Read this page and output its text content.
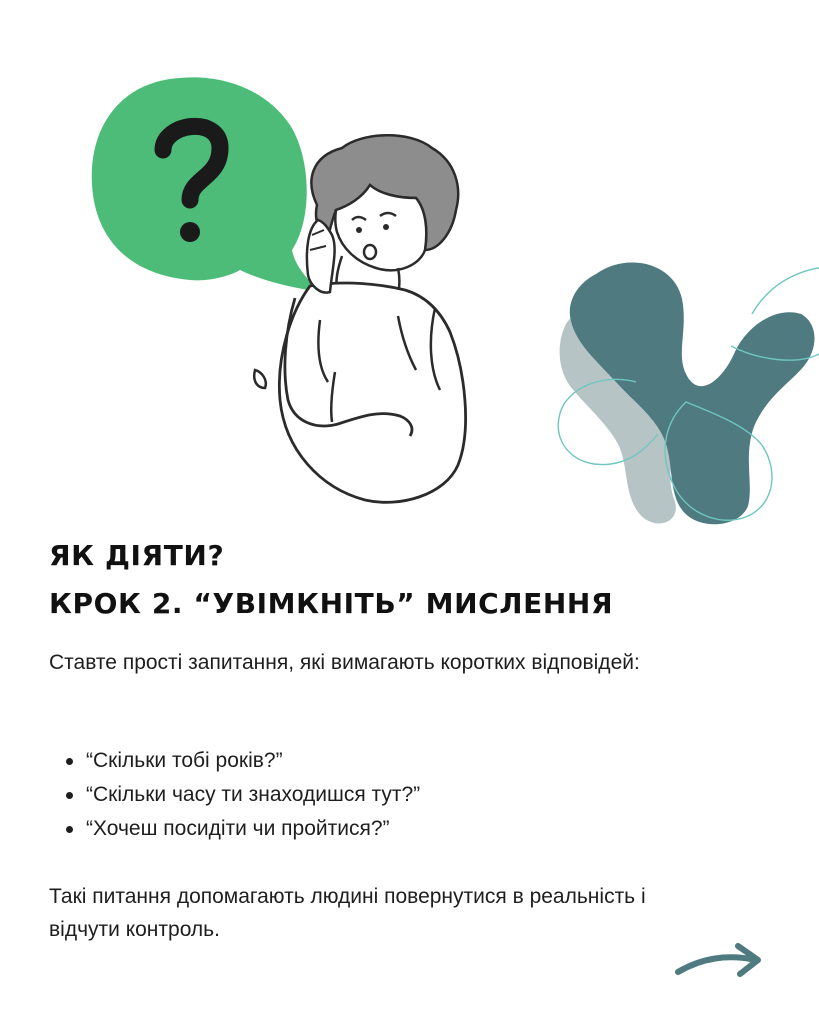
ЯК ДІЯТИ?
КРОК 2. “УВІМКНІТЬ” МИСЛЕННЯ

Ставте прості запитання, які вимагають коротких відповідей:

“Скільки тобі років?”
“Скільки часу ти знаходишся тут?”
“Хочеш посидіти чи пройтися?”

Такі питання допомагають людині повернутися в реальність і відчути контроль.
